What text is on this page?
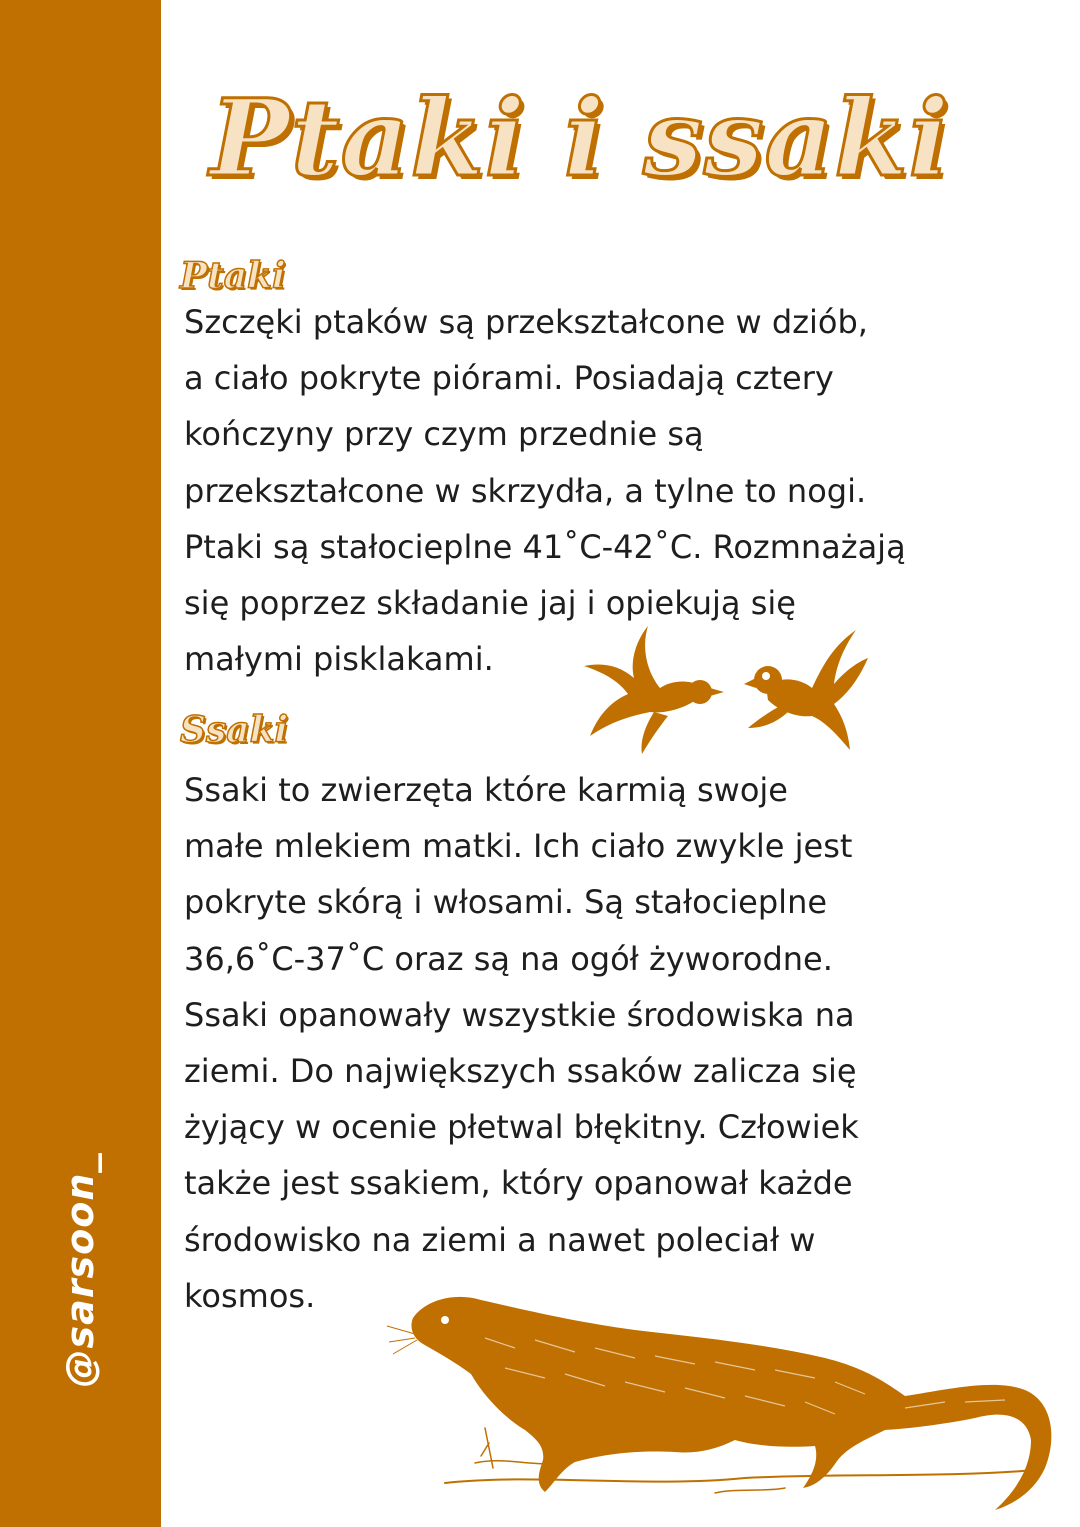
@sarsoon_
Ptaki i ssaki
Ptaki

Szczęki ptaków są przekształcone w dziób,
a ciało pokryte piórami. Posiadają cztery
kończyny przy czym przednie są
przekształcone w skrzydła, a tylne to nogi.
Ptaki są stałocieplne 41˚C-42˚C. Rozmnażają
się poprzez składanie jaj i opiekują się
małymi pisklakami.

Ssaki

Ssaki to zwierzęta które karmią swoje
małe mlekiem matki. Ich ciało zwykle jest
pokryte skórą i włosami. Są stałocieplne
36,6˚C-37˚C oraz są na ogół żyworodne.
Ssaki opanowały wszystkie środowiska na
ziemi. Do największych ssaków zalicza się
żyjący w ocenie płetwal błękitny. Człowiek
także jest ssakiem, który opanował każde
środowisko na ziemi a nawet poleciał w
kosmos.
